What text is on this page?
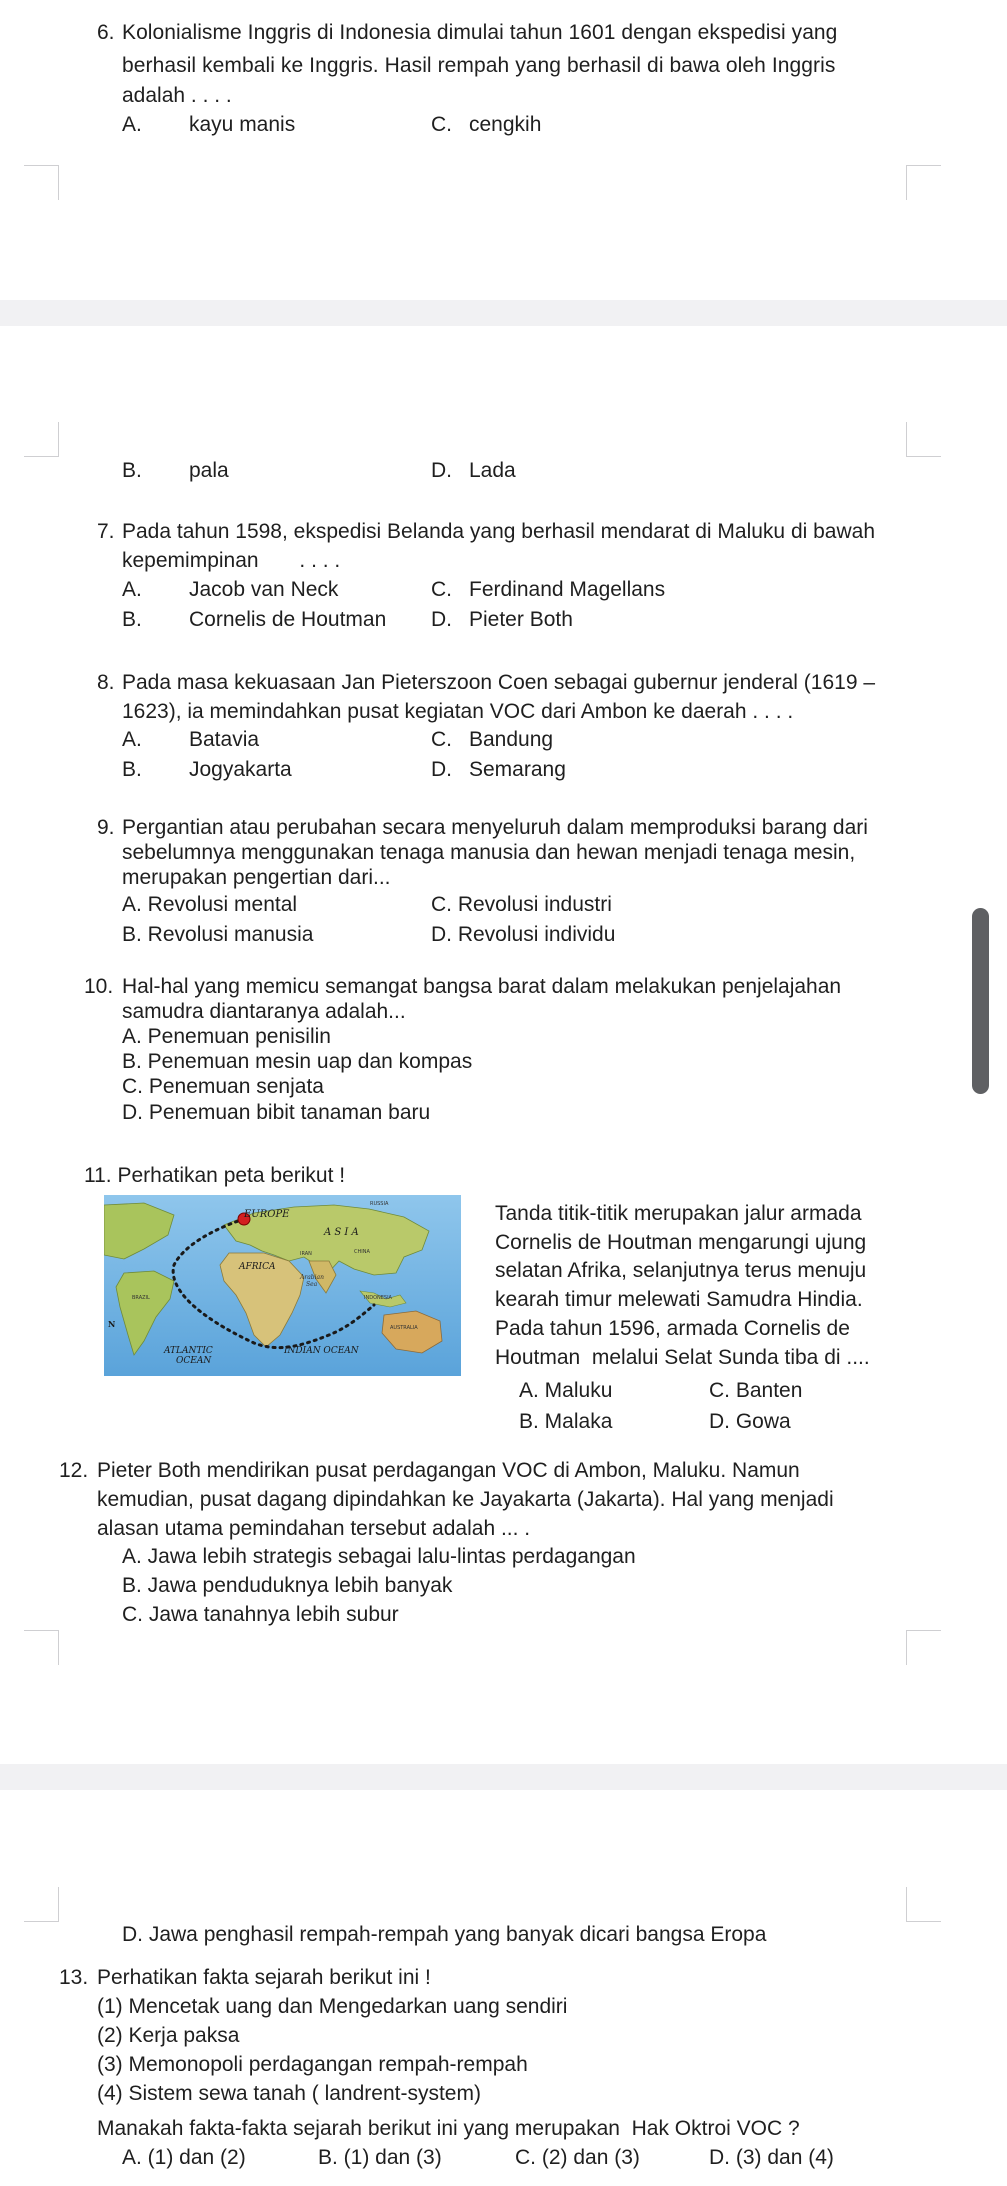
6. Kolonialisme Inggris di Indonesia dimulai tahun 1601 dengan ekspedisi yang
berhasil kembali ke Inggris. Hasil rempah yang berhasil di bawa oleh Inggris
adalah . . . .
A. kayu manis	C. cengkih
B. pala	D. Lada
7. Pada tahun 1598, ekspedisi Belanda yang berhasil mendarat di Maluku di bawah
kepemimpinan       . . . .
A. Jacob van Neck	C. Ferdinand Magellans
B. Cornelis de Houtman D. Pieter Both
8. Pada masa kekuasaan Jan Pieterszoon Coen sebagai gubernur jenderal (1619 –
1623), ia memindahkan pusat kegiatan VOC dari Ambon ke daerah . . . .
A. Batavia	C. Bandung
B. Jogyakarta	D. Semarang
9. Pergantian atau perubahan secara menyeluruh dalam memproduksi barang dari
sebelumnya menggunakan tenaga manusia dan hewan menjadi tenaga mesin,
merupakan pengertian dari...
A. Revolusi mental	C. Revolusi industri
B. Revolusi manusia	D. Revolusi individu
10. Hal-hal yang memicu semangat bangsa barat dalam melakukan penjelajahan
samudra diantaranya adalah...
A. Penemuan penisilin
B. Penemuan mesin uap dan kompas
C. Penemuan senjata
D. Penemuan bibit tanaman baru
11. Perhatikan peta berikut !
EUROPE
A S I A
AFRICA
RUSSIA
IRAN	CHINA
Arabian Sea
INDONESIA
AUSTRALIA
BRAZIL
N
ATLANTIC OCEAN
INDIAN OCEAN
Tanda titik-titik merupakan jalur armada
Cornelis de Houtman mengarungi ujung
selatan Afrika, selanjutnya terus menuju
kearah timur melewati Samudra Hindia.
Pada tahun 1596, armada Cornelis de
Houtman  melalui Selat Sunda tiba di ....
A. Maluku	C. Banten
B. Malaka	D. Gowa
12. Pieter Both mendirikan pusat perdagangan VOC di Ambon, Maluku. Namun
kemudian, pusat dagang dipindahkan ke Jayakarta (Jakarta). Hal yang menjadi
alasan utama pemindahan tersebut adalah ... .
A. Jawa lebih strategis sebagai lalu-lintas perdagangan
B. Jawa penduduknya lebih banyak
C. Jawa tanahnya lebih subur
D. Jawa penghasil rempah-rempah yang banyak dicari bangsa Eropa
13. Perhatikan fakta sejarah berikut ini !
(1) Mencetak uang dan Mengedarkan uang sendiri
(2) Kerja paksa
(3) Memonopoli perdagangan rempah-rempah
(4) Sistem sewa tanah ( landrent-system)
Manakah fakta-fakta sejarah berikut ini yang merupakan  Hak Oktroi VOC ?
A. (1) dan (2)	B. (1) dan (3)	C. (2) dan (3)	D. (3) dan (4)
